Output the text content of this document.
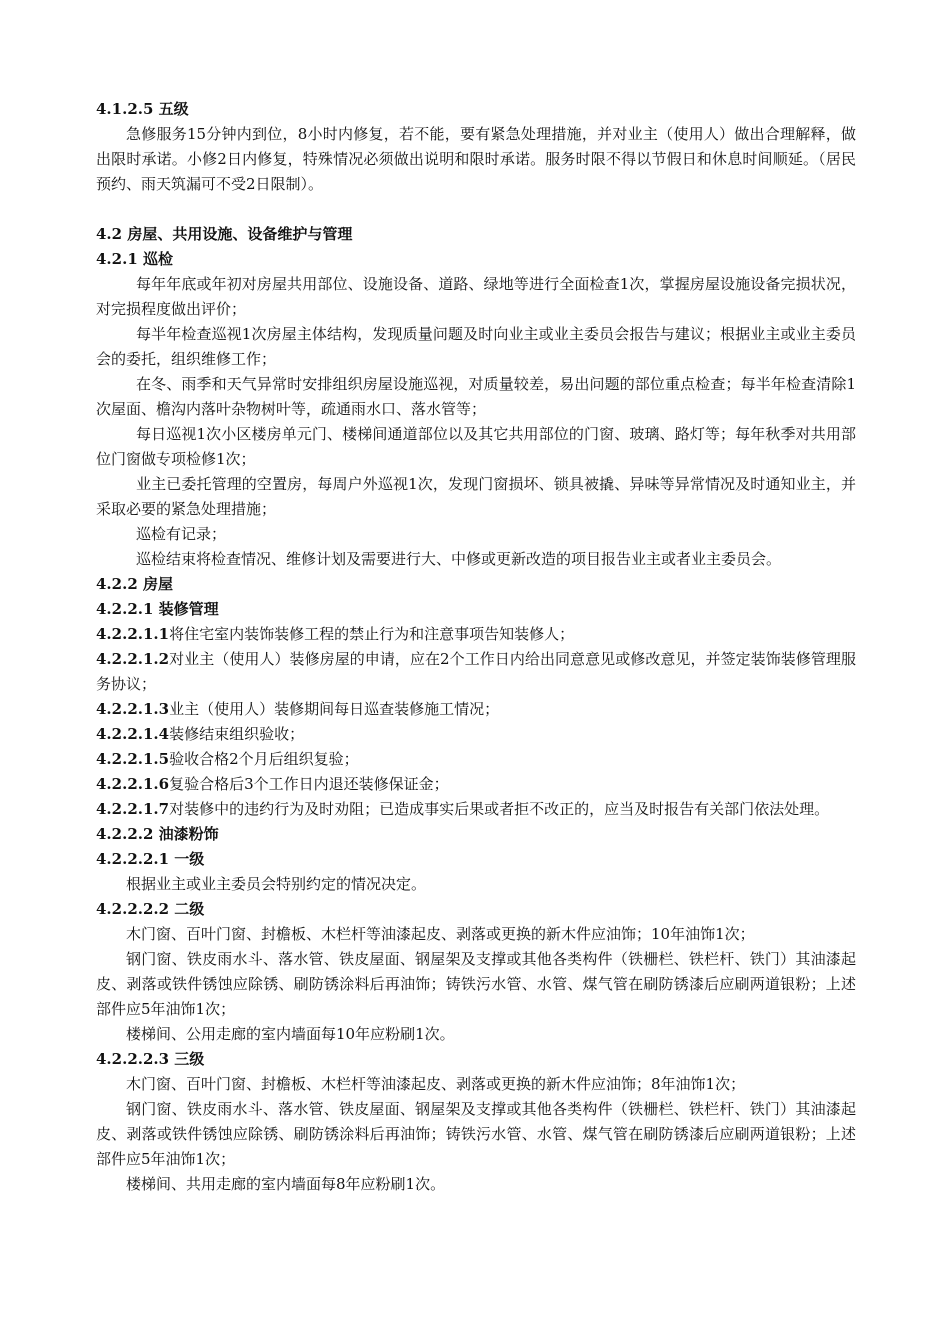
4.1.2.5 五级

急修服务15分钟内到位，8小时内修复，若不能，要有紧急处理措施，并对业主（使用人）做出合理解释，做出限时承诺。小修2日内修复，特殊情况必须做出说明和限时承诺。服务时限不得以节假日和休息时间顺延。（居民预约、雨天筑漏可不受2日限制）。

4.2 房屋、共用设施、设备维护与管理

4.2.1 巡检

每年年底或年初对房屋共用部位、设施设备、道路、绿地等进行全面检查1次，掌握房屋设施设备完损状况，对完损程度做出评价；

每半年检查巡视1次房屋主体结构，发现质量问题及时向业主或业主委员会报告与建议；根据业主或业主委员会的委托，组织维修工作；

在冬、雨季和天气异常时安排组织房屋设施巡视，对质量较差，易出问题的部位重点检查；每半年检查清除1次屋面、檐沟内落叶杂物树叶等，疏通雨水口、落水管等；

每日巡视1次小区楼房单元门、楼梯间通道部位以及其它共用部位的门窗、玻璃、路灯等；每年秋季对共用部位门窗做专项检修1次；

业主已委托管理的空置房，每周户外巡视1次，发现门窗损坏、锁具被撬、异味等异常情况及时通知业主，并采取必要的紧急处理措施；

巡检有记录；

巡检结束将检查情况、维修计划及需要进行大、中修或更新改造的项目报告业主或者业主委员会。

4.2.2 房屋

4.2.2.1 装修管理

4.2.2.1.1将住宅室内装饰装修工程的禁止行为和注意事项告知装修人；

4.2.2.1.2对业主（使用人）装修房屋的申请，应在2个工作日内给出同意意见或修改意见，并签定装饰装修管理服务协议；

4.2.2.1.3业主（使用人）装修期间每日巡查装修施工情况；

4.2.2.1.4装修结束组织验收；

4.2.2.1.5验收合格2个月后组织复验；

4.2.2.1.6复验合格后3个工作日内退还装修保证金；

4.2.2.1.7对装修中的违约行为及时劝阻；已造成事实后果或者拒不改正的，应当及时报告有关部门依法处理。

4.2.2.2 油漆粉饰

4.2.2.2.1 一级

根据业主或业主委员会特别约定的情况决定。

4.2.2.2.2 二级

木门窗、百叶门窗、封檐板、木栏杆等油漆起皮、剥落或更换的新木件应油饰；10年油饰1次；

钢门窗、铁皮雨水斗、落水管、铁皮屋面、钢屋架及支撑或其他各类构件（铁栅栏、铁栏杆、铁门）其油漆起皮、剥落或铁件锈蚀应除锈、刷防锈涂料后再油饰；铸铁污水管、水管、煤气管在刷防锈漆后应刷两道银粉；上述部件应5年油饰1次；

楼梯间、公用走廊的室内墙面每10年应粉刷1次。

4.2.2.2.3 三级

木门窗、百叶门窗、封檐板、木栏杆等油漆起皮、剥落或更换的新木件应油饰；8年油饰1次；

钢门窗、铁皮雨水斗、落水管、铁皮屋面、钢屋架及支撑或其他各类构件（铁栅栏、铁栏杆、铁门）其油漆起皮、剥落或铁件锈蚀应除锈、刷防锈涂料后再油饰；铸铁污水管、水管、煤气管在刷防锈漆后应刷两道银粉；上述部件应5年油饰1次；

楼梯间、共用走廊的室内墙面每8年应粉刷1次。
